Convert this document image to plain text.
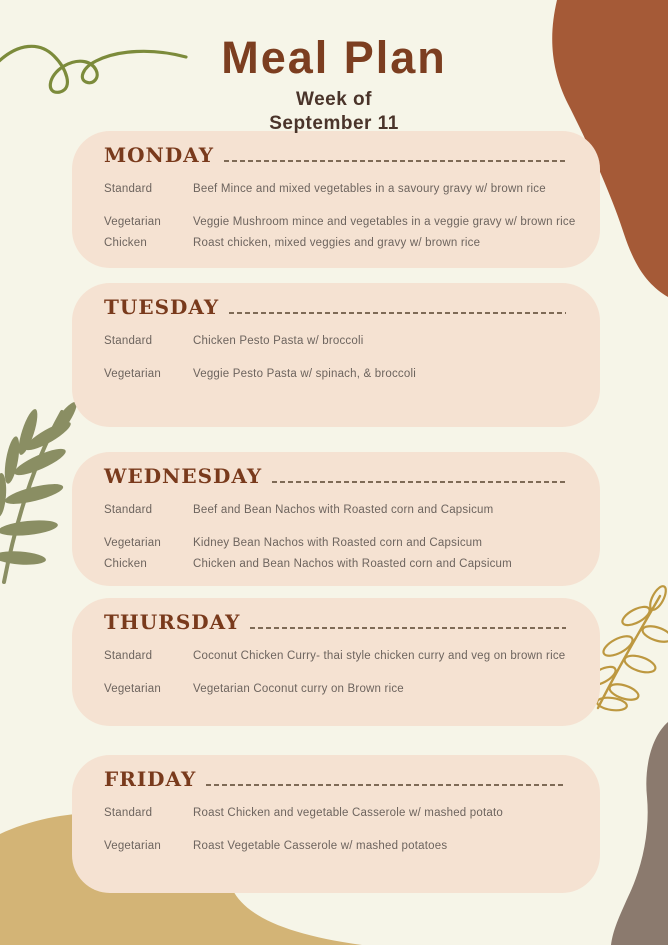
Meal Plan
Week of
September 11
MONDAY
Standard	Beef Mince and mixed vegetables in a savoury gravy w/ brown rice
Vegetarian	Veggie Mushroom mince and vegetables in a veggie gravy w/ brown rice
Chicken	Roast chicken, mixed veggies and gravy w/ brown rice
TUESDAY
Standard	Chicken Pesto Pasta w/ broccoli
Vegetarian	Veggie Pesto Pasta w/ spinach, & broccoli
WEDNESDAY
Standard	Beef and Bean Nachos with Roasted corn and Capsicum
Vegetarian	Kidney Bean Nachos with Roasted corn and Capsicum
Chicken	Chicken and Bean Nachos with Roasted corn and Capsicum
THURSDAY
Standard	Coconut Chicken Curry- thai style chicken curry and veg on brown rice
Vegetarian	Vegetarian Coconut curry on Brown rice
FRIDAY
Standard	Roast Chicken and vegetable Casserole w/ mashed potato
Vegetarian	Roast Vegetable Casserole w/ mashed potatoes
